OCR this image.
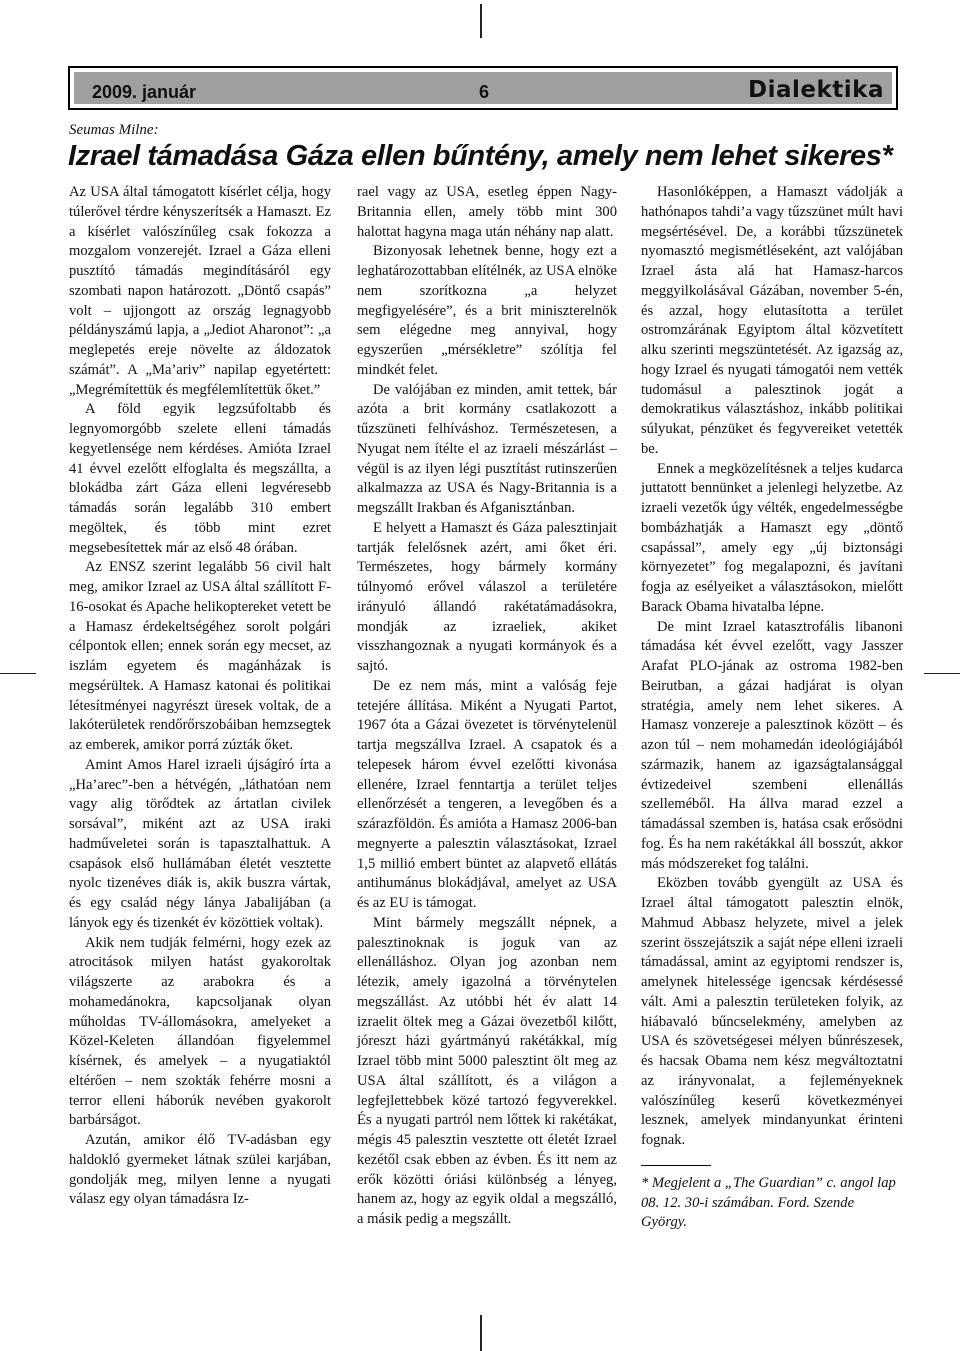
2009. január	6	Dialektika
Seumas Milne:
Izrael támadása Gáza ellen bűntény, amely nem lehet sikeres*

Az USA által támogatott kísérlet célja, hogy túlerővel térdre kényszerítsék a Hamaszt. Ez a kísérlet valószínűleg csak fokozza a mozgalom vonzerejét. Izrael a Gáza elleni pusztító támadás megindításáról egy szombati napon határozott. „Döntő csapás” volt – ujjongott az ország legnagyobb példányszámú lapja, a „Jediot Aharonot”: „a meglepetés ereje növelte az áldozatok számát”. A „Ma’ariv” napilap egyetértett: „Megrémítettük és megfélemlítettük őket.”

A föld egyik legzsúfoltabb és legnyomorgóbb szelete elleni támadás kegyetlensége nem kérdéses. Amióta Izrael 41 évvel ezelőtt elfoglalta és megszállta, a blokádba zárt Gáza elleni legvéresebb támadás során legalább 310 embert megöltek, és több mint ezret megsebesítettek már az első 48 órában.

Az ENSZ szerint legalább 56 civil halt meg, amikor Izrael az USA által szállított F-16-osokat és Apache helikoptereket vetett be a Hamasz érdekeltségéhez sorolt polgári célpontok ellen; ennek során egy mecset, az iszlám egyetem és magánházak is megsérültek. A Hamasz katonai és politikai létesítményei nagyrészt üresek voltak, de a lakóterületek rendőrőrszobáiban hemzsegtek az emberek, amikor porrá zúzták őket.

Amint Amos Harel izraeli újságíró írta a „Ha’arec”-ben a hétvégén, „láthatóan nem vagy alig törődtek az ártatlan civilek sorsával”, miként azt az USA iraki hadműveletei során is tapasztalhattuk. A csapások első hullámában életét vesztette nyolc tizenéves diák is, akik buszra vártak, és egy család négy lánya Jabalijában (a lányok egy és tizenkét év közöttiek voltak).

Akik nem tudják felmérni, hogy ezek az atrocitások milyen hatást gyakoroltak világszerte az arabokra és a mohamedánokra, kapcsoljanak olyan műholdas TV-állomásokra, amelyeket a Közel-Keleten állandóan figyelemmel kísérnek, és amelyek – a nyugatiaktól eltérően – nem szokták fehérre mosni a terror elleni háborúk nevében gyakorolt barbárságot.

Azután, amikor élő TV-adásban egy haldokló gyermeket látnak szülei karjában, gondolják meg, milyen lenne a nyugati válasz egy olyan támadásra Iz-

rael vagy az USA, esetleg éppen Nagy-Britannia ellen, amely több mint 300 halottat hagyna maga után néhány nap alatt.

Bizonyosak lehetnek benne, hogy ezt a leghatározottabban elítélnék, az USA elnöke nem szorítkozna „a helyzet megfigyelésére”, és a brit miniszterelnök sem elégedne meg annyival, hogy egyszerűen „mérsékletre” szólítja fel mindkét felet.

De valójában ez minden, amit tettek, bár azóta a brit kormány csatlakozott a tűzszüneti felhíváshoz. Természetesen, a Nyugat nem ítélte el az izraeli mészárlást – végül is az ilyen légi pusztítást rutinszerűen alkalmazza az USA és Nagy-Britannia is a megszállt Irakban és Afganisztánban.

E helyett a Hamaszt és Gáza palesztinjait tartják felelősnek azért, ami őket éri. Természetes, hogy bármely kormány túlnyomó erővel válaszol a területére irányuló állandó rakétatámadásokra, mondják az izraeliek, akiket visszhangoznak a nyugati kormányok és a sajtó.

De ez nem más, mint a valóság feje tetejére állítása. Miként a Nyugati Partot, 1967 óta a Gázai övezetet is törvénytelenül tartja megszállva Izrael. A csapatok és a telepesek három évvel ezelőtti kivonása ellenére, Izrael fenntartja a terület teljes ellenőrzését a tengeren, a levegőben és a szárazföldön. És amióta a Hamasz 2006-ban megnyerte a palesztin választásokat, Izrael 1,5 millió embert büntet az alapvető ellátás antihumánus blokádjával, amelyet az USA és az EU is támogat.

Mint bármely megszállt népnek, a palesztinoknak is joguk van az ellenálláshoz. Olyan jog azonban nem létezik, amely igazolná a törvénytelen megszállást. Az utóbbi hét év alatt 14 izraelit öltek meg a Gázai övezetből kilőtt, jóreszt házi gyártmányú rakétákkal, míg Izrael több mint 5000 palesztint ölt meg az USA által szállított, és a világon a legfejlettebbek közé tartozó fegyverekkel. És a nyugati partról nem lőttek ki rakétákat, mégis 45 palesztin vesztette ott életét Izrael kezétől csak ebben az évben. És itt nem az erők közötti óriási különbség a lényeg, hanem az, hogy az egyik oldal a megszálló, a másik pedig a megszállt.

Hasonlóképpen, a Hamaszt vádolják a hathónapos tahdi’a vagy tűzszünet múlt havi megsértésével. De, a korábbi tűzszünetek nyomasztó megismétléseként, azt valójában Izrael ásta alá hat Hamasz-harcos meggyilkolásával Gázában, november 5-én, és azzal, hogy elutasította a terület ostromzárának Egyiptom által közvetített alku szerinti megszüntetését. Az igazság az, hogy Izrael és nyugati támogatói nem vették tudomásul a palesztinok jogát a demokratikus választáshoz, inkább politikai súlyukat, pénzüket és fegyvereiket vetették be.

Ennek a megközelítésnek a teljes kudarca juttatott bennünket a jelenlegi helyzetbe. Az izraeli vezetők úgy vélték, engedelmességbe bombázhatják a Hamaszt egy „döntő csapással”, amely egy „új biztonsági környezetet” fog megalapozni, és javítani fogja az esélyeiket a választásokon, mielőtt Barack Obama hivatalba lépne.

De mint Izrael katasztrofális libanoni támadása két évvel ezelőtt, vagy Jasszer Arafat PLO-jának az ostroma 1982-ben Beirutban, a gázai hadjárat is olyan stratégia, amely nem lehet sikeres. A Hamasz vonzereje a palesztinok között – és azon túl – nem mohamedán ideológiájából származik, hanem az igazságtalansággal évtizedeivel szembeni ellenállás szelleméből. Ha állva marad ezzel a támadással szemben is, hatása csak erősödni fog. És ha nem rakétákkal áll bosszút, akkor más módszereket fog találni.

Eközben tovább gyengült az USA és Izrael által támogatott palesztin elnök, Mahmud Abbasz helyzete, mivel a jelek szerint összejátszik a saját népe elleni izraeli támadással, amint az egyiptomi rendszer is, amelynek hitelessége igencsak kérdésessé vált. Ami a palesztin területeken folyik, az hiábavaló bűncselekmény, amelyben az USA és szövetségesei mélyen bűnrészesek, és hacsak Obama nem kész megváltoztatni az irányvonalat, a fejleményeknek valószínűleg keserű következményei lesznek, amelyek mindanyunkat érinteni fognak.

* Megjelent a „The Guardian” c. angol lap 08. 12. 30-i számában. Ford. Szende György.
